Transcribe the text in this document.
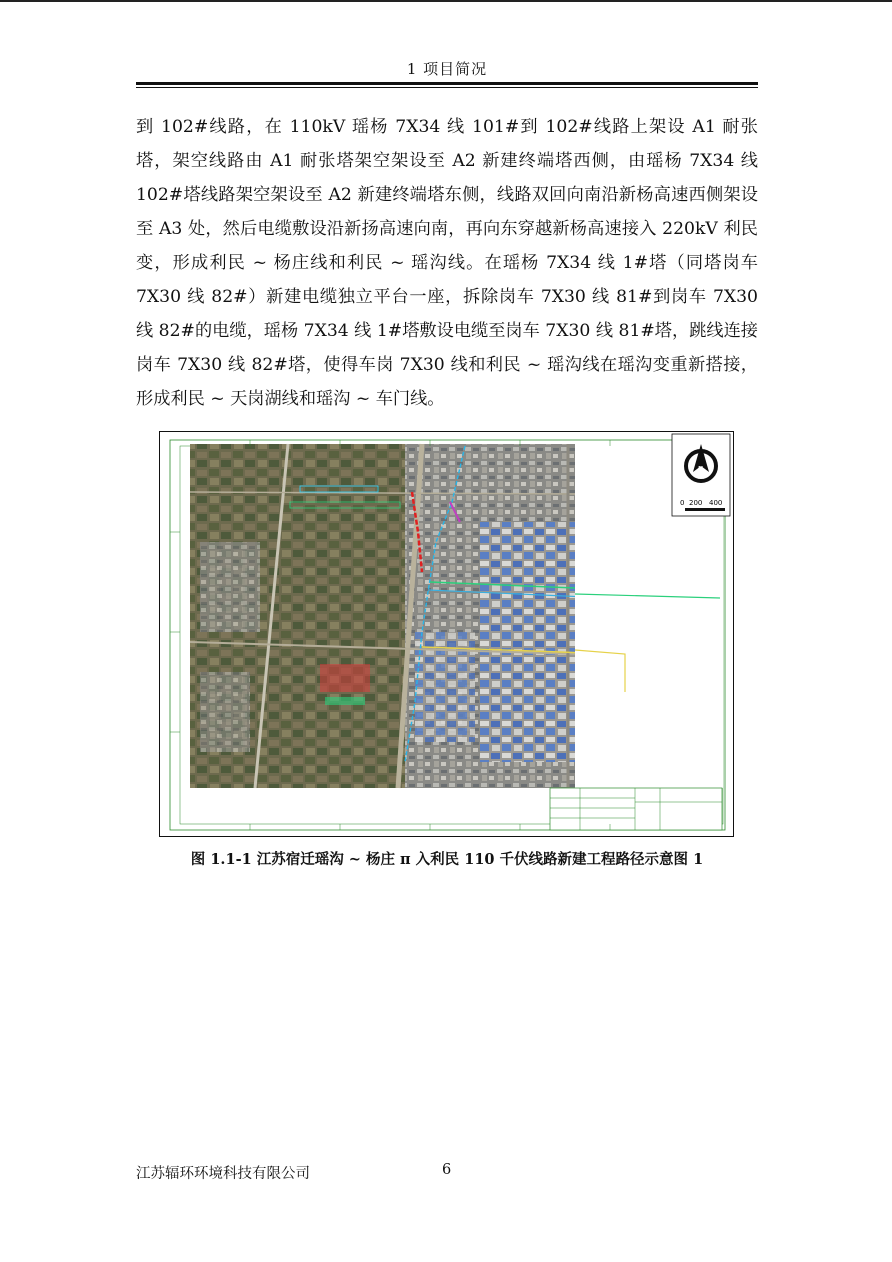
1 项目简况

到 102#线路，在 110kV 瑶杨 7X34 线 101#到 102#线路上架设 A1 耐张塔，架空线路由 A1 耐张塔架空架设至 A2 新建终端塔西侧，由瑶杨 7X34 线 102#塔线路架空架设至 A2 新建终端塔东侧，线路双回向南沿新杨高速西侧架设至 A3 处，然后电缆敷设沿新扬高速向南，再向东穿越新杨高速接入 220kV 利民变，形成利民 ~ 杨庄线和利民 ~ 瑶沟线。在瑶杨 7X34 线 1#塔（同塔岗车 7X30 线 82#）新建电缆独立平台一座，拆除岗车 7X30 线 81#到岗车 7X30 线 82#的电缆，瑶杨 7X34 线 1#塔敷设电缆至岗车 7X30 线 81#塔，跳线连接岗车 7X30 线 82#塔，使得车岗 7X30 线和利民 ~ 瑶沟线在瑶沟变重新搭接，形成利民 ~ 天岗湖线和瑶沟 ~ 车门线。

N
0 200 400
图 1.1-1 江苏宿迁瑶沟 ~ 杨庄 π 入利民 110 千伏线路新建工程路径示意图 1
江苏辐环环境科技有限公司	6
